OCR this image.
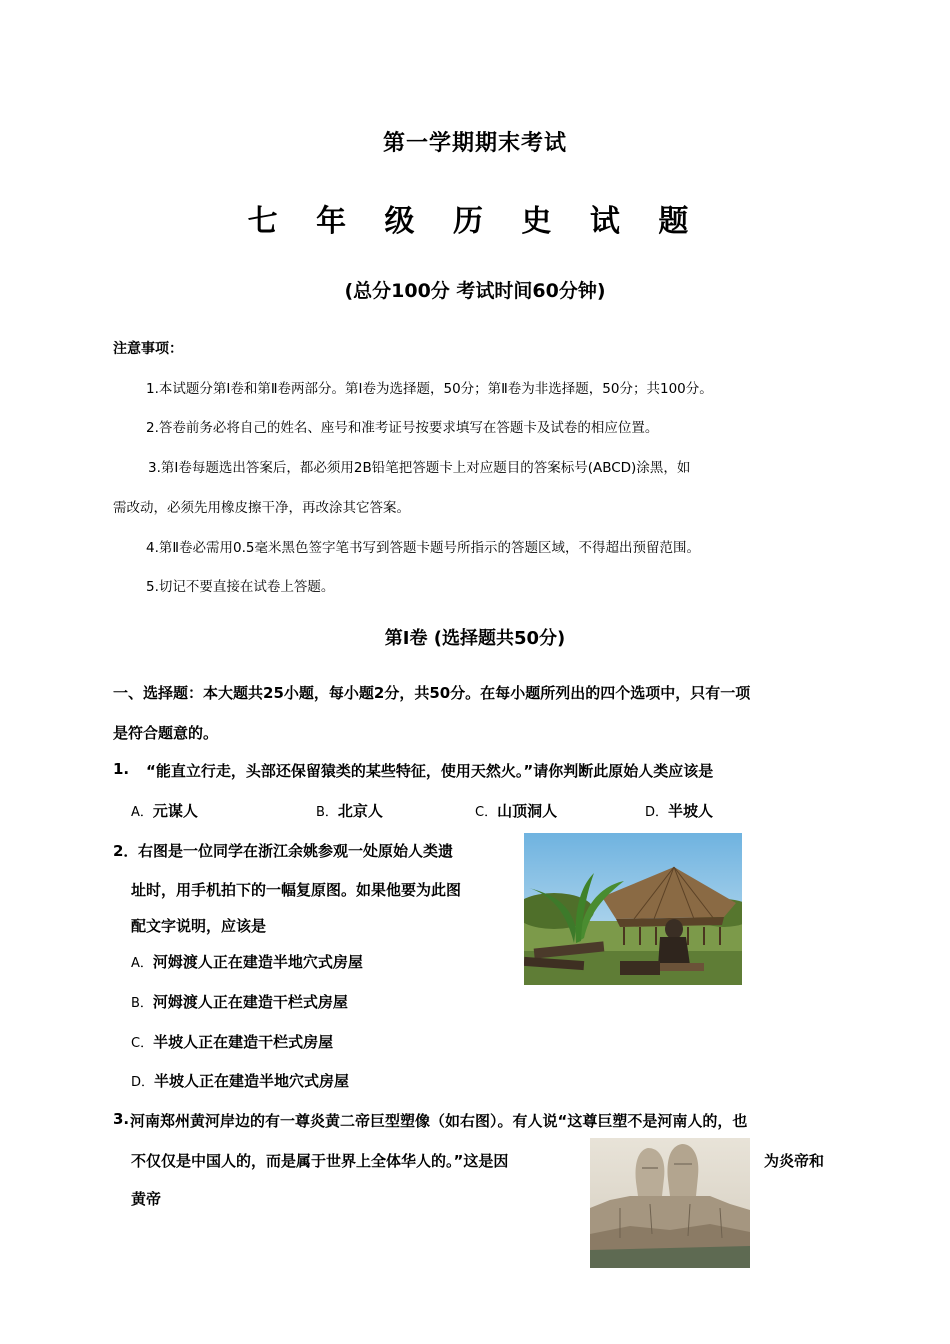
第一学期期末考试
七 年 级 历 史 试 题
(总分100分 考试时间60分钟)
注意事项：
1.本试题分第Ⅰ卷和第Ⅱ卷两部分。第Ⅰ卷为选择题，50分；第Ⅱ卷为非选择题，50分；共100分。
2.答卷前务必将自己的姓名、座号和准考证号按要求填写在答题卡及试卷的相应位置。
3.第Ⅰ卷每题选出答案后，都必须用2B铅笔把答题卡上对应题目的答案标号(ABCD)涂黑，如
需改动，必须先用橡皮擦干净，再改涂其它答案。
4.第Ⅱ卷必需用0.5毫米黑色签字笔书写到答题卡题号所指示的答题区域，不得超出预留范围。
5.切记不要直接在试卷上答题。
第Ⅰ卷 (选择题共50分)
一、选择题：本大题共25小题，每小题2分，共50分。在每小题所列出的四个选项中，只有一项
是符合题意的。
1. “能直立行走，头部还保留猿类的某些特征，使用天然火。”请你判断此原始人类应该是
A．元谋人	B．北京人	C．山顶洞人	D．半坡人
2． 右图是一位同学在浙江余姚参观一处原始人类遗
址时，用手机拍下的一幅复原图。如果他要为此图
配文字说明，应该是
A．河姆渡人正在建造半地穴式房屋
B．河姆渡人正在建造干栏式房屋
C．半坡人正在建造干栏式房屋
D．半坡人正在建造半地穴式房屋
3. 河南郑州黄河岸边的有一尊炎黄二帝巨型塑像（如右图）。有人说“这尊巨塑不是河南人的，也
不仅仅是中国人的，而是属于世界上全体华人的。”这是因	为炎帝和
黄帝
